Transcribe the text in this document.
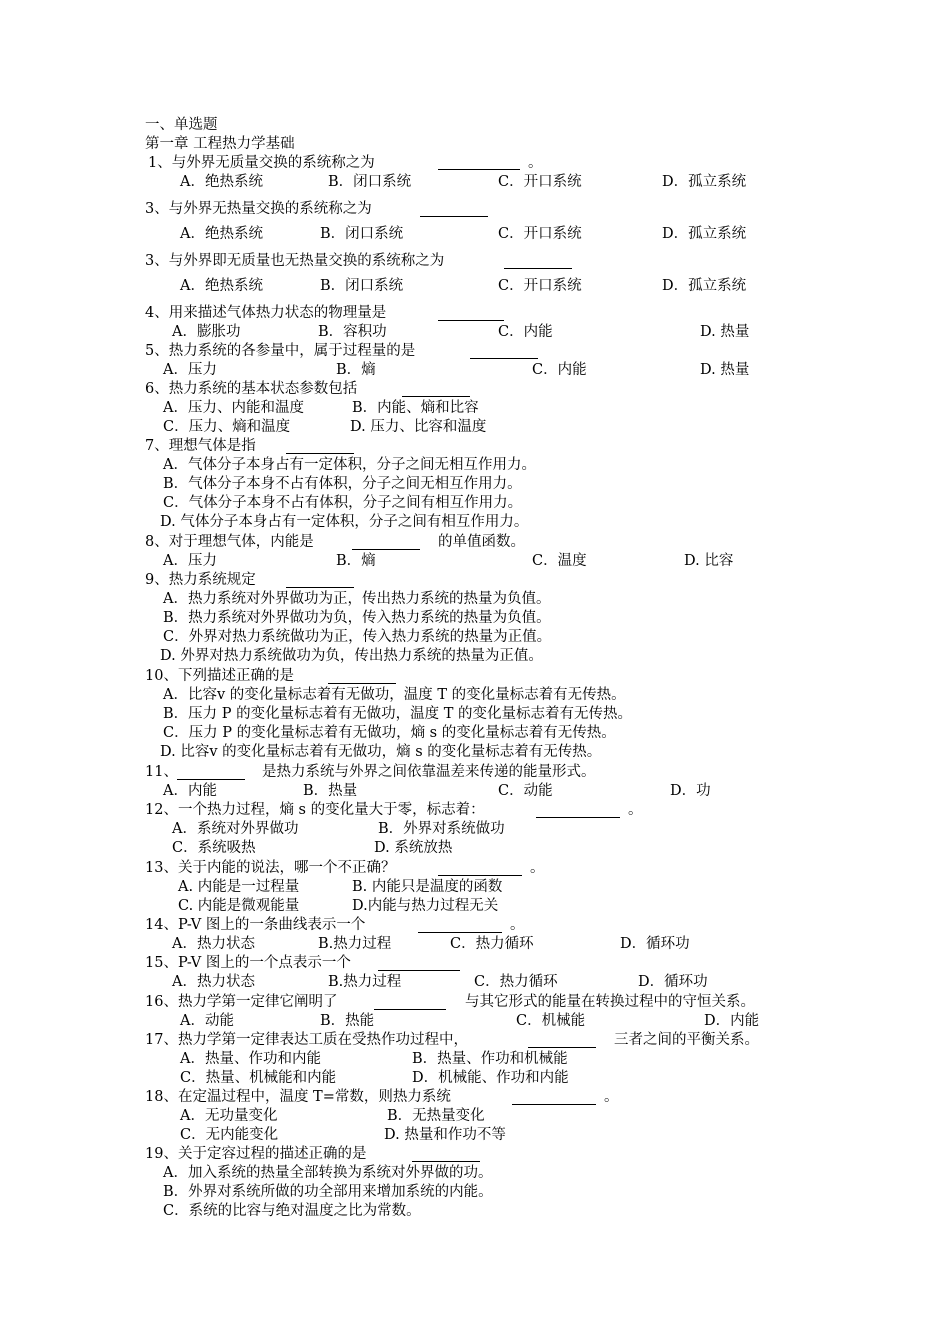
一、单选题
第一章 工程热力学基础
1、与外界无质量交换的系统称之为	。
A．绝热系统	B．闭口系统	C．开口系统	D．孤立系统
3、与外界无热量交换的系统称之为
A．绝热系统	B．闭口系统	C．开口系统	D．孤立系统
3、与外界即无质量也无热量交换的系统称之为
A．绝热系统	B．闭口系统	C．开口系统	D．孤立系统
4、用来描述气体热力状态的物理量是
A．膨胀功	B．容积功	C．内能	D. 热量
5、热力系统的各参量中，属于过程量的是
A．压力	B．熵	C．内能	D. 热量
6、热力系统的基本状态参数包括
A．压力、内能和温度	B．内能、熵和比容
C．压力、熵和温度	D. 压力、比容和温度
7、理想气体是指
A．气体分子本身占有一定体积，分子之间无相互作用力。
B．气体分子本身不占有体积，分子之间无相互作用力。
C．气体分子本身不占有体积，分子之间有相互作用力。
D. 气体分子本身占有一定体积，分子之间有相互作用力。
8、对于理想气体，内能是	的单值函数。
A．压力	B．熵	C．温度	D. 比容
9、热力系统规定
A．热力系统对外界做功为正，传出热力系统的热量为负值。
B．热力系统对外界做功为负，传入热力系统的热量为负值。
C．外界对热力系统做功为正，传入热力系统的热量为正值。
D. 外界对热力系统做功为负，传出热力系统的热量为正值。
10、下列描述正确的是
A．比容v 的变化量标志着有无做功，温度 T 的变化量标志着有无传热。
B．压力 P 的变化量标志着有无做功，温度 T 的变化量标志着有无传热。
C．压力 P 的变化量标志着有无做功，熵 s 的变化量标志着有无传热。
D. 比容v 的变化量标志着有无做功，熵 s 的变化量标志着有无传热。
11、	是热力系统与外界之间依靠温差来传递的能量形式。
A．内能	B．热量	C．动能	D．功
12、一个热力过程，熵 s 的变化量大于零，标志着：	。
A．系统对外界做功	B．外界对系统做功
C．系统吸热	D. 系统放热
13、关于内能的说法，哪一个不正确？	。
A. 内能是一过程量	B. 内能只是温度的函数
C. 内能是微观能量	D.内能与热力过程无关
14、P-V 图上的一条曲线表示一个	。
A．热力状态	B.热力过程	C．热力循环	D．循环功
15、P-V 图上的一个点表示一个
A．热力状态	B.热力过程	C．热力循环	D．循环功
16、热力学第一定律它阐明了	与其它形式的能量在转换过程中的守恒关系。
A．动能	B．热能	C．机械能	D．内能
17、热力学第一定律表达工质在受热作功过程中，	三者之间的平衡关系。
A．热量、作功和内能	B．热量、作功和机械能
C．热量、机械能和内能	D．机械能、作功和内能
18、在定温过程中，温度 T=常数，则热力系统	。
A．无功量变化	B．无热量变化
C．无内能变化	D. 热量和作功不等
19、关于定容过程的描述正确的是
A．加入系统的热量全部转换为系统对外界做的功。
B．外界对系统所做的功全部用来增加系统的内能。
C．系统的比容与绝对温度之比为常数。
